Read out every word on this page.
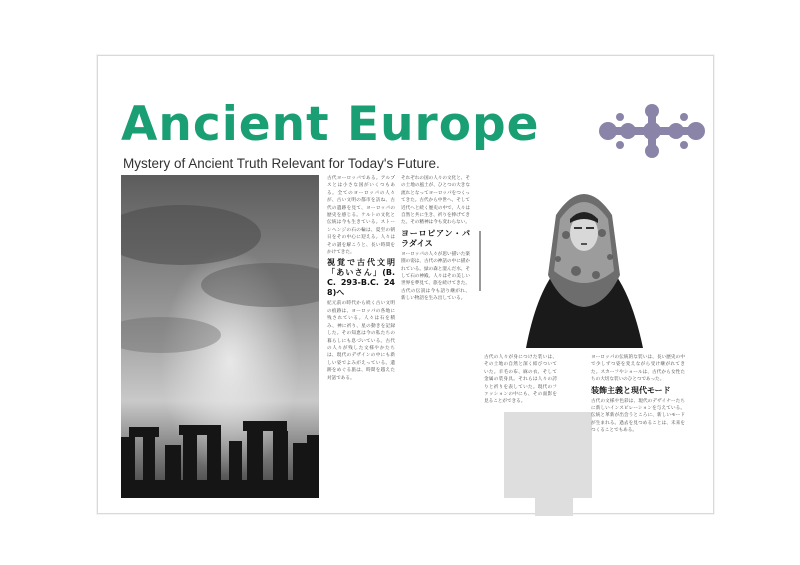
Ancient Europe
Mystery of Ancient Truth Relevant for Today's Future.

古代ヨーロッパである。アルプスとは小さな国がいくつもある。全てのヨーロッパの人々が、古い文明の都市を訪ね、古代の遺跡を見て、ヨーロッパの歴史を感じる。ケルトの文化と伝統は今も生きている。ストーンヘンジの石の輪は、夏至の朝日をその中心に迎える。人々はその謎を解こうと、長い時間をかけてきた。

視覚で古代文明「あいさん」(B.C. 293-B.C. 248)へ

紀元前の時代から続く古い文明の痕跡は、ヨーロッパの各地に残されている。人々は石を積み、神に祈り、星の動きを記録した。その知恵は今の私たちの暮らしにも息づいている。古代の人々が残した文様やかたちは、現代のデザインの中にも新しい姿でよみがえっている。遺跡をめぐる旅は、時間を越えた対話である。

それぞれの国の人々の文化と、その土地の風土が、ひとつの大きな流れとなってヨーロッパをつくってきた。古代から中世へ、そして近代へと続く歴史の中で、人々は自然と共に生き、祈りを捧げてきた。その精神は今も変わらない。

ヨーロピアン・パラダイス

ヨーロッパの人々が思い描いた楽園の姿は、古代の神話の中に描かれている。緑の森と澄んだ水、そして石の神殿。人々はその美しい世界を夢見て、旅を続けてきた。古代の伝説は今も語り継がれ、新しい物語を生み出している。

古代の人々が身につけた装いは、その土地の自然と深く結びついていた。羊毛の布、麻の衣、そして金属の装身具。それらは人々の誇りと祈りを表していた。現代のファッションの中にも、その面影を見ることができる。

ヨーロッパの伝統的な装いは、長い歴史の中で少しずつ姿を変えながら受け継がれてきた。スカーフやショールは、古代から女性たちの大切な装いのひとつであった。

装飾主義と現代モード

古代の文様や色彩は、現代のデザイナーたちに新しいインスピレーションを与えている。伝統と革新が出会うところに、新しいモードが生まれる。過去を見つめることは、未来をつくることでもある。
